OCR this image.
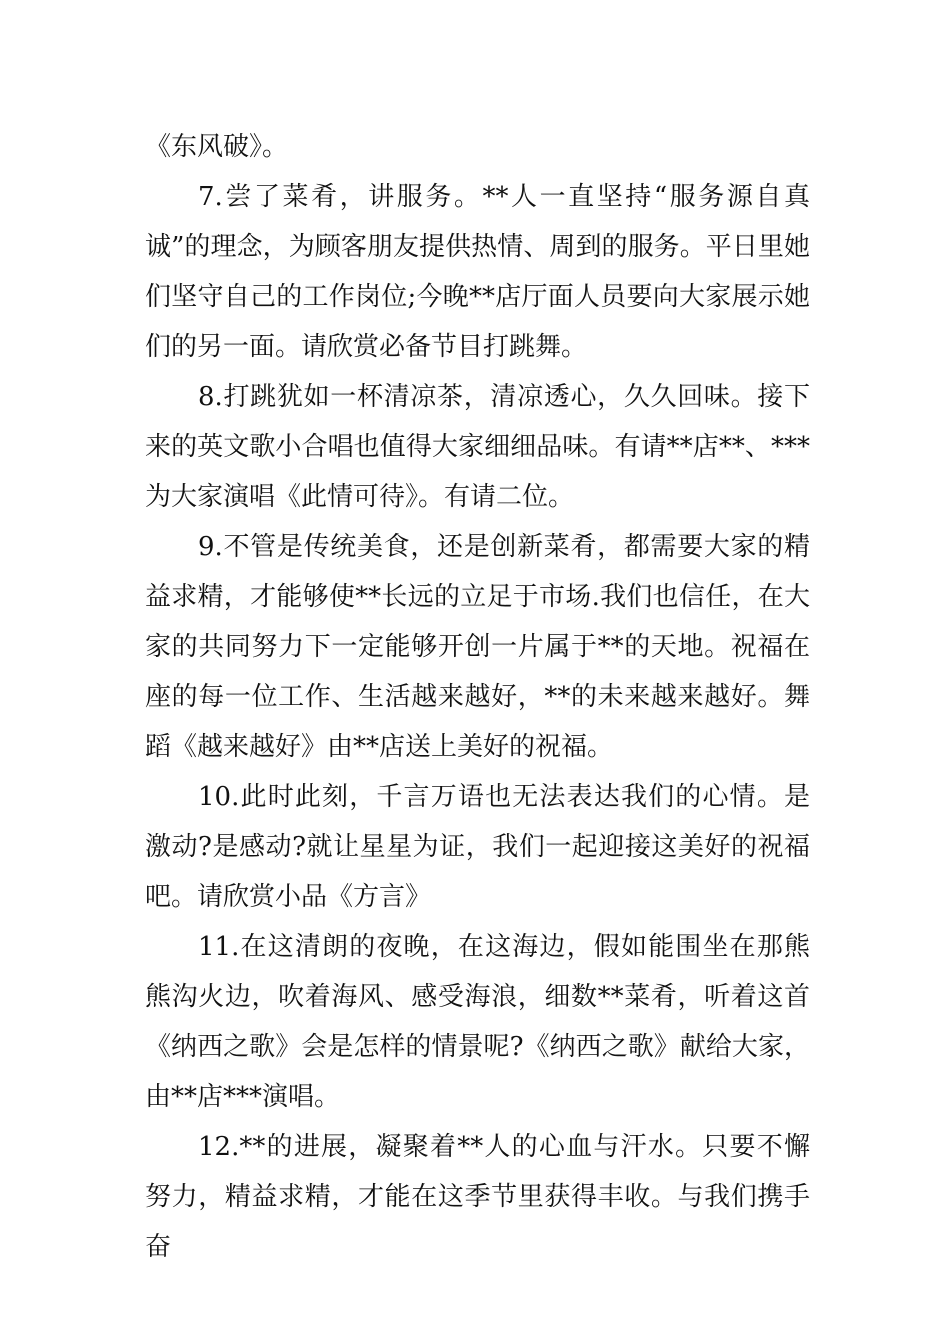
《东风破》。

7.尝了菜肴，讲服务。**人一直坚持“服务源自真诚”的理念，为顾客朋友提供热情、周到的服务。平日里她们坚守自己的工作岗位;今晚**店厅面人员要向大家展示她们的另一面。请欣赏必备节目打跳舞。

8.打跳犹如一杯清凉茶，清凉透心，久久回味。接下来的英文歌小合唱也值得大家细细品味。有请**店**、***为大家演唱《此情可待》。有请二位。

9.不管是传统美食，还是创新菜肴，都需要大家的精益求精，才能够使**长远的立足于市场.我们也信任，在大家的共同努力下一定能够开创一片属于**的天地。祝福在座的每一位工作、生活越来越好，**的未来越来越好。舞蹈《越来越好》由**店送上美好的祝福。

10.此时此刻，千言万语也无法表达我们的心情。是激动?是感动?就让星星为证，我们一起迎接这美好的祝福吧。请欣赏小品《方言》

11.在这清朗的夜晚，在这海边，假如能围坐在那熊熊沟火边，吹着海风、感受海浪，细数**菜肴，听着这首《纳西之歌》会是怎样的情景呢?《纳西之歌》献给大家，由**店***演唱。

12.**的进展，凝聚着**人的心血与汗水。只要不懈努力，精益求精，才能在这季节里获得丰收。与我们携手奋
